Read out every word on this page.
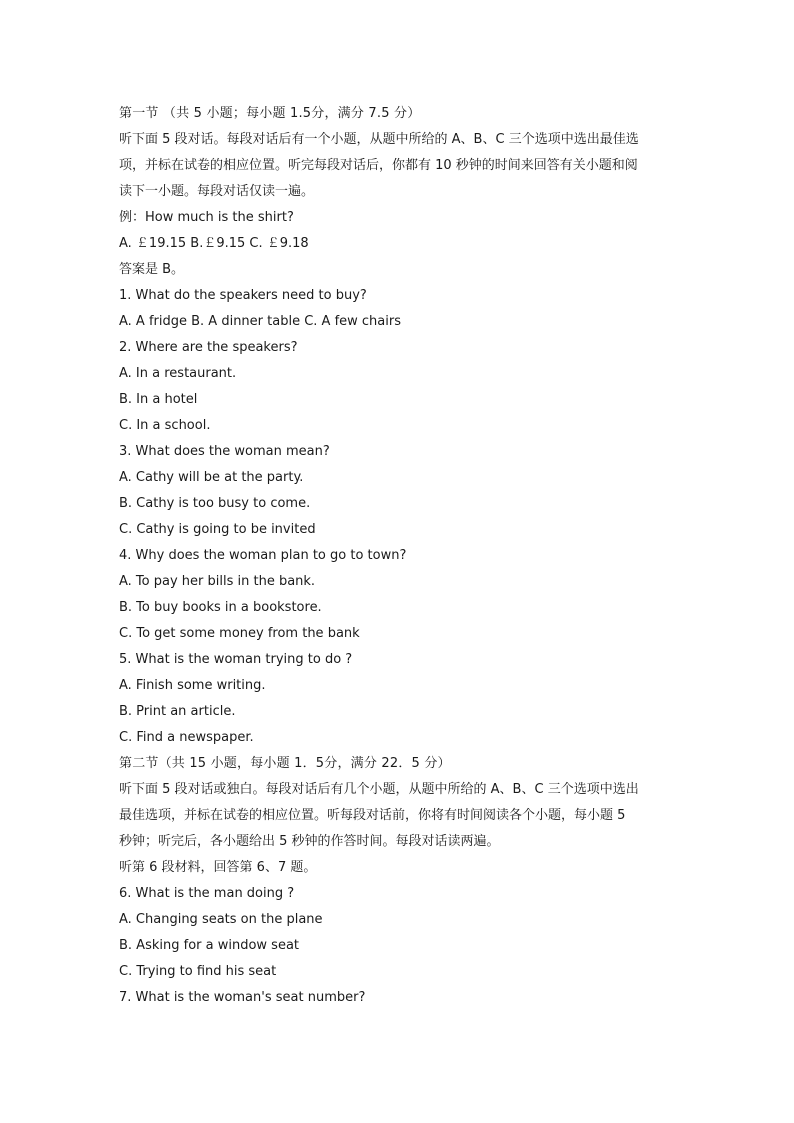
第一节 （共 5 小题；每小题 1.5分，满分 7.5 分）
听下面 5 段对话。每段对话后有一个小题，从题中所给的 A、B、C 三个选项中选出最佳选
项，并标在试卷的相应位置。听完每段对话后，你都有 10 秒钟的时间来回答有关小题和阅
读下一小题。每段对话仅读一遍。
例：How much is the shirt?
A. ￡19.15 B.￡9.15 C. ￡9.18
答案是 B。
1. What do the speakers need to buy?
A. A fridge B. A dinner table C. A few chairs
2. Where are the speakers?
A. In a restaurant.
B. In a hotel
C. In a school.
3. What does the woman mean?
A. Cathy will be at the party.
B. Cathy is too busy to come.
C. Cathy is going to be invited
4. Why does the woman plan to go to town?
A. To pay her bills in the bank.
B. To buy books in a bookstore.
C. To get some money from the bank
5. What is the woman trying to do ?
A. Finish some writing.
B. Print an article.
C. Find a newspaper.
第二节（共 15 小题，每小题 1．5分，满分 22．5 分）
听下面 5 段对话或独白。每段对话后有几个小题，从题中所给的 A、B、C 三个选项中选出
最佳选项，并标在试卷的相应位置。听每段对话前，你将有时间阅读各个小题，每小题 5
秒钟；听完后，各小题给出 5 秒钟的作答时间。每段对话读两遍。
听第 6 段材料，回答第 6、7 题。
6. What is the man doing ?
A. Changing seats on the plane
B. Asking for a window seat
C. Trying to find his seat
7. What is the woman's seat number?
